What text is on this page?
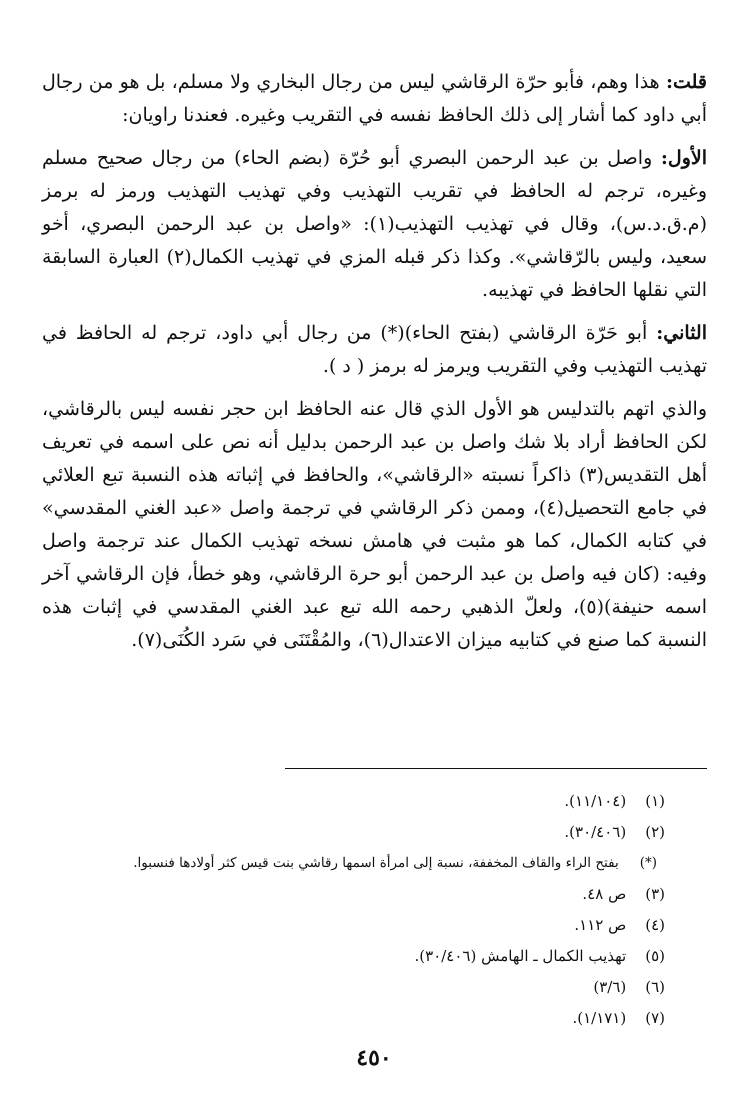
قلت: هذا وهم، فأبو حرّة الرقاشي ليس من رجال البخاري ولا مسلم، بل هو من رجال أبي داود كما أشار إلى ذلك الحافظ نفسه في التقريب وغيره. فعندنا راويان:

الأول: واصل بن عبد الرحمن البصري أبو حُرّة (بضم الحاء) من رجال صحيح مسلم وغيره، ترجم له الحافظ في تقريب التهذيب وفي تهذيب التهذيب ورمز له برمز (م.ق.د.س)، وقال في تهذيب التهذيب(١): «واصل بن عبد الرحمن البصري، أخو سعيد، وليس بالرّقاشي». وكذا ذكر قبله المزي في تهذيب الكمال(٢) العبارة السابقة التي نقلها الحافظ في تهذيبه.

الثاني: أبو حَرّة الرقاشي (بفتح الحاء)(*) من رجال أبي داود، ترجم له الحافظ في تهذيب التهذيب وفي التقريب ويرمز له برمز ( د ).

والذي اتهم بالتدليس هو الأول الذي قال عنه الحافظ ابن حجر نفسه ليس بالرقاشي، لكن الحافظ أراد بلا شك واصل بن عبد الرحمن بدليل أنه نص على اسمه في تعريف أهل التقديس(٣) ذاكراً نسبته «الرقاشي»، والحافظ في إثباته هذه النسبة تبع العلائي في جامع التحصيل(٤)، وممن ذكر الرقاشي في ترجمة واصل «عبد الغني المقدسي» في كتابه الكمال، كما هو مثبت في هامش نسخه تهذيب الكمال عند ترجمة واصل وفيه: (كان فيه واصل بن عبد الرحمن أبو حرة الرقاشي، وهو خطأ، فإن الرقاشي آخر اسمه حنيفة)(٥)، ولعلّ الذهبي رحمه الله تبع عبد الغني المقدسي في إثبات هذه النسبة كما صنع في كتابيه ميزان الاعتدال(٦)، والمُقْتَنَى في سَرد الكُنَى(٧).

(١) (١١/١٠٤).
(٢) (٣٠/٤٠٦).
(*) بفتح الراء والقاف المخففة، نسبة إلى امرأة اسمها رقاشي بنت قيس كثر أولادها فنسبوا.
(٣) ص ٤٨.
(٤) ص ١١٢.
(٥) تهذيب الكمال ـ الهامش (٣٠/٤٠٦).
(٦) (٣/٦)
(٧) (١/١٧١).
٤٥٠
